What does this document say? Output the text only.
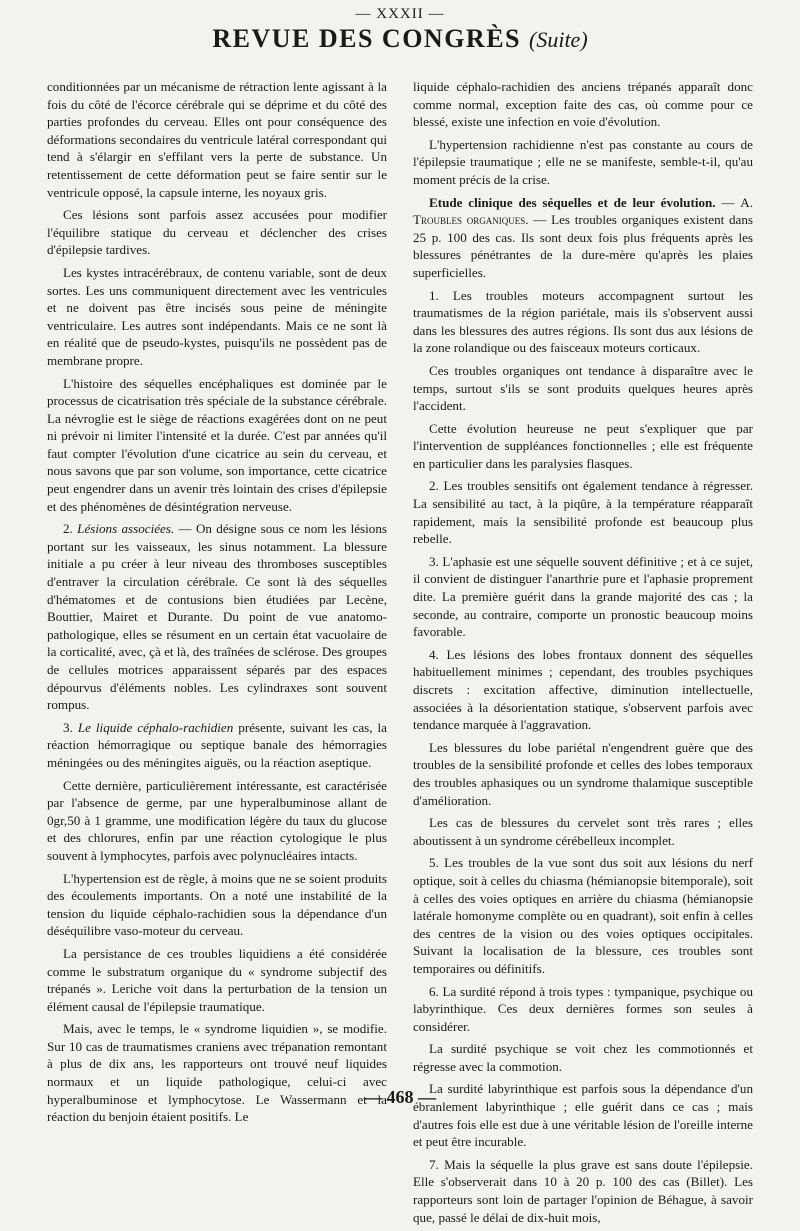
— XXXII —
REVUE DES CONGRÈS (Suite)

conditionnées par un mécanisme de rétraction lente agissant à la fois du côté de l'écorce cérébrale qui se déprime et du côté des parties profondes du cerveau. Elles ont pour conséquence des déformations secondaires du ventricule latéral correspondant qui tend à s'élargir en s'effilant vers la perte de substance. Un retentissement de cette déformation peut se faire sentir sur le ventricule opposé, la capsule interne, les noyaux gris.

Ces lésions sont parfois assez accusées pour modifier l'équilibre statique du cerveau et déclencher des crises d'épilepsie tardives.

Les kystes intracérébraux, de contenu variable, sont de deux sortes. Les uns communiquent directement avec les ventricules et ne doivent pas être incisés sous peine de méningite ventriculaire. Les autres sont indépendants. Mais ce ne sont là en réalité que de pseudo-kystes, puisqu'ils ne possèdent pas de membrane propre.

L'histoire des séquelles encéphaliques est dominée par le processus de cicatrisation très spéciale de la substance cérébrale. La névroglie est le siège de réactions exagérées dont on ne peut ni prévoir ni limiter l'intensité et la durée. C'est par années qu'il faut compter l'évolution d'une cicatrice au sein du cerveau, et nous savons que par son volume, son importance, cette cicatrice peut engendrer dans un avenir très lointain des crises d'épilepsie et des phénomènes de désintégration nerveuse.

2. Lésions associées. — On désigne sous ce nom les lésions portant sur les vaisseaux, les sinus notamment. La blessure initiale a pu créer à leur niveau des thromboses susceptibles d'entraver la circulation cérébrale. Ce sont là des séquelles d'hématomes et de contusions bien étudiées par Lecène, Bouttier, Mairet et Durante. Du point de vue anatomo-pathologique, elles se résument en un certain état vacuolaire de la corticalité, avec, çà et là, des traînées de sclérose. Des groupes de cellules motrices apparaissent séparés par des espaces dépourvus d'éléments nobles. Les cylindraxes sont souvent rompus.

3. Le liquide céphalo-rachidien présente, suivant les cas, la réaction hémorragique ou septique banale des hémorragies méningées ou des méningites aiguës, ou la réaction aseptique.

Cette dernière, particulièrement intéressante, est caractérisée par l'absence de germe, par une hyperalbuminose allant de 0gr,50 à 1 gramme, une modification légère du taux du glucose et des chlorures, enfin par une réaction cytologique le plus souvent à lymphocytes, parfois avec polynucléaires intacts.

L'hypertension est de règle, à moins que ne se soient produits des écoulements importants. On a noté une instabilité de la tension du liquide céphalo-rachidien sous la dépendance d'un déséquilibre vaso-moteur du cerveau.

La persistance de ces troubles liquidiens a été considérée comme le substratum organique du « syndrome subjectif des trépanés ». Leriche voit dans la perturbation de la tension un élément causal de l'épilepsie traumatique.

Mais, avec le temps, le « syndrome liquidien », se modifie. Sur 10 cas de traumatismes craniens avec trépanation remontant à plus de dix ans, les rapporteurs ont trouvé neuf liquides normaux et un liquide pathologique, celui-ci avec hyperalbuminose et lymphocytose. Le Wassermann et la réaction du benjoin étaient positifs. Le

liquide céphalo-rachidien des anciens trépanés apparaît donc comme normal, exception faite des cas, où comme pour ce blessé, existe une infection en voie d'évolution.

L'hypertension rachidienne n'est pas constante au cours de l'épilepsie traumatique ; elle ne se manifeste, semble-t-il, qu'au moment précis de la crise.

Etude clinique des séquelles et de leur évolution. — A. Troubles organiques. — Les troubles organiques existent dans 25 p. 100 des cas. Ils sont deux fois plus fréquents après les blessures pénétrantes de la dure-mère qu'après les plaies superficielles.

1. Les troubles moteurs accompagnent surtout les traumatismes de la région pariétale, mais ils s'observent aussi dans les blessures des autres régions. Ils sont dus aux lésions de la zone rolandique ou des faisceaux moteurs corticaux.

Ces troubles organiques ont tendance à disparaître avec le temps, surtout s'ils se sont produits quelques heures après l'accident.

Cette évolution heureuse ne peut s'expliquer que par l'intervention de suppléances fonctionnelles ; elle est fréquente en particulier dans les paralysies flasques.

2. Les troubles sensitifs ont également tendance à régresser. La sensibilité au tact, à la piqûre, à la température réapparaît rapidement, mais la sensibilité profonde est beaucoup plus rebelle.

3. L'aphasie est une séquelle souvent définitive ; et à ce sujet, il convient de distinguer l'anarthrie pure et l'aphasie proprement dite. La première guérit dans la grande majorité des cas ; la seconde, au contraire, comporte un pronostic beaucoup moins favorable.

4. Les lésions des lobes frontaux donnent des séquelles habituellement minimes ; cependant, des troubles psychiques discrets : excitation affective, diminution intellectuelle, associées à la désorientation statique, s'observent parfois avec tendance marquée à l'aggravation.

Les blessures du lobe pariétal n'engendrent guère que des troubles de la sensibilité profonde et celles des lobes temporaux des troubles aphasiques ou un syndrome thalamique susceptible d'amélioration.

Les cas de blessures du cervelet sont très rares ; elles aboutissent à un syndrome cérébelleux incomplet.

5. Les troubles de la vue sont dus soit aux lésions du nerf optique, soit à celles du chiasma (hémianopsie bitemporale), soit à celles des voies optiques en arrière du chiasma (hémianopsie latérale homonyme complète ou en quadrant), soit enfin à celles des centres de la vision ou des voies optiques occipitales. Suivant la localisation de la blessure, ces troubles sont temporaires ou définitifs.

6. La surdité répond à trois types : tympanique, psychique ou labyrinthique. Ces deux dernières formes son seules à considérer.

La surdité psychique se voit chez les commotionnés et régresse avec la commotion.

La surdité labyrinthique est parfois sous la dépendance d'un ébranlement labyrinthique ; elle guérit dans ce cas ; mais d'autres fois elle est due à une véritable lésion de l'oreille interne et peut être incurable.

7. Mais la séquelle la plus grave est sans doute l'épilepsie. Elle s'observerait dans 10 à 20 p. 100 des cas (Billet). Les rapporteurs sont loin de partager l'opinion de Béhague, à savoir que, passé le délai de dix-huit mois,

— 468 —
